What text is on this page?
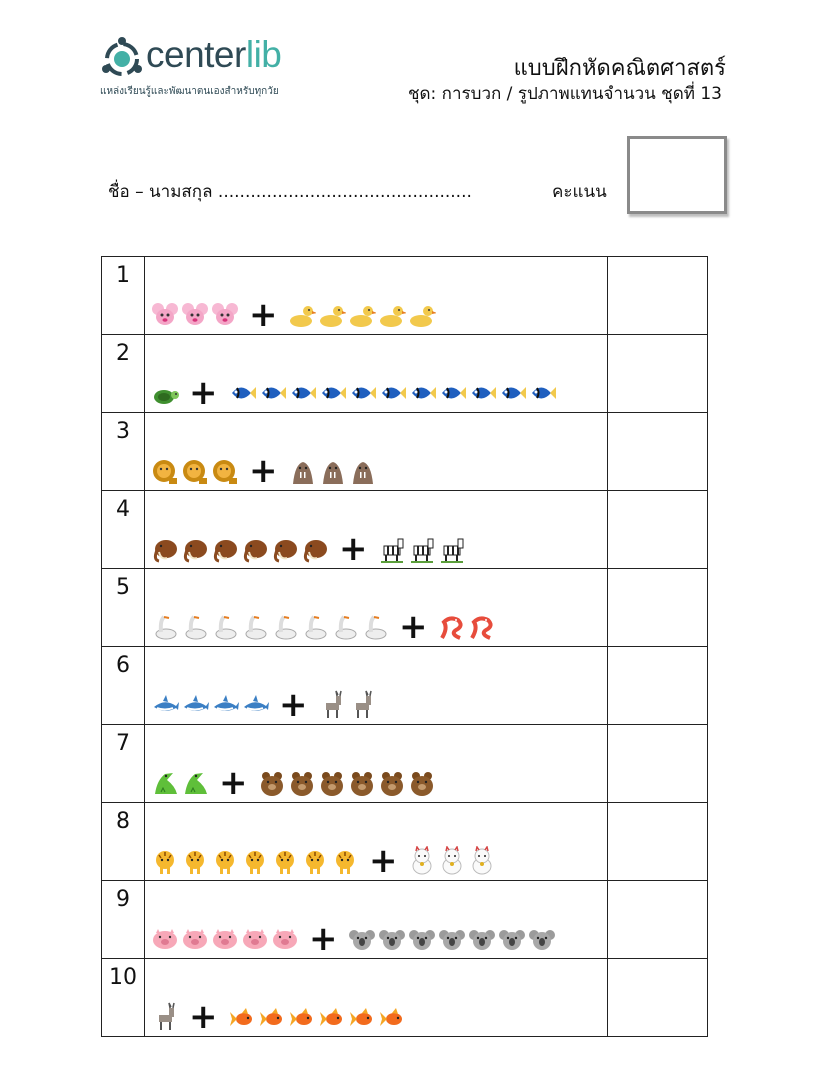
centerlib
แหล่งเรียนรู้และพัฒนาตนเองสำหรับทุกวัย
แบบฝึกหัดคณิตศาสตร์
ชุด: การบวก / รูปภาพแทนจำนวน ชุดที่ 13
ชื่อ – นามสกุล ...............................................	คะแนน
1	+	

2	+	

3	+	

4	+	

5	+	

6	+	

7	+	

8	+	

9	+	

10	+	
